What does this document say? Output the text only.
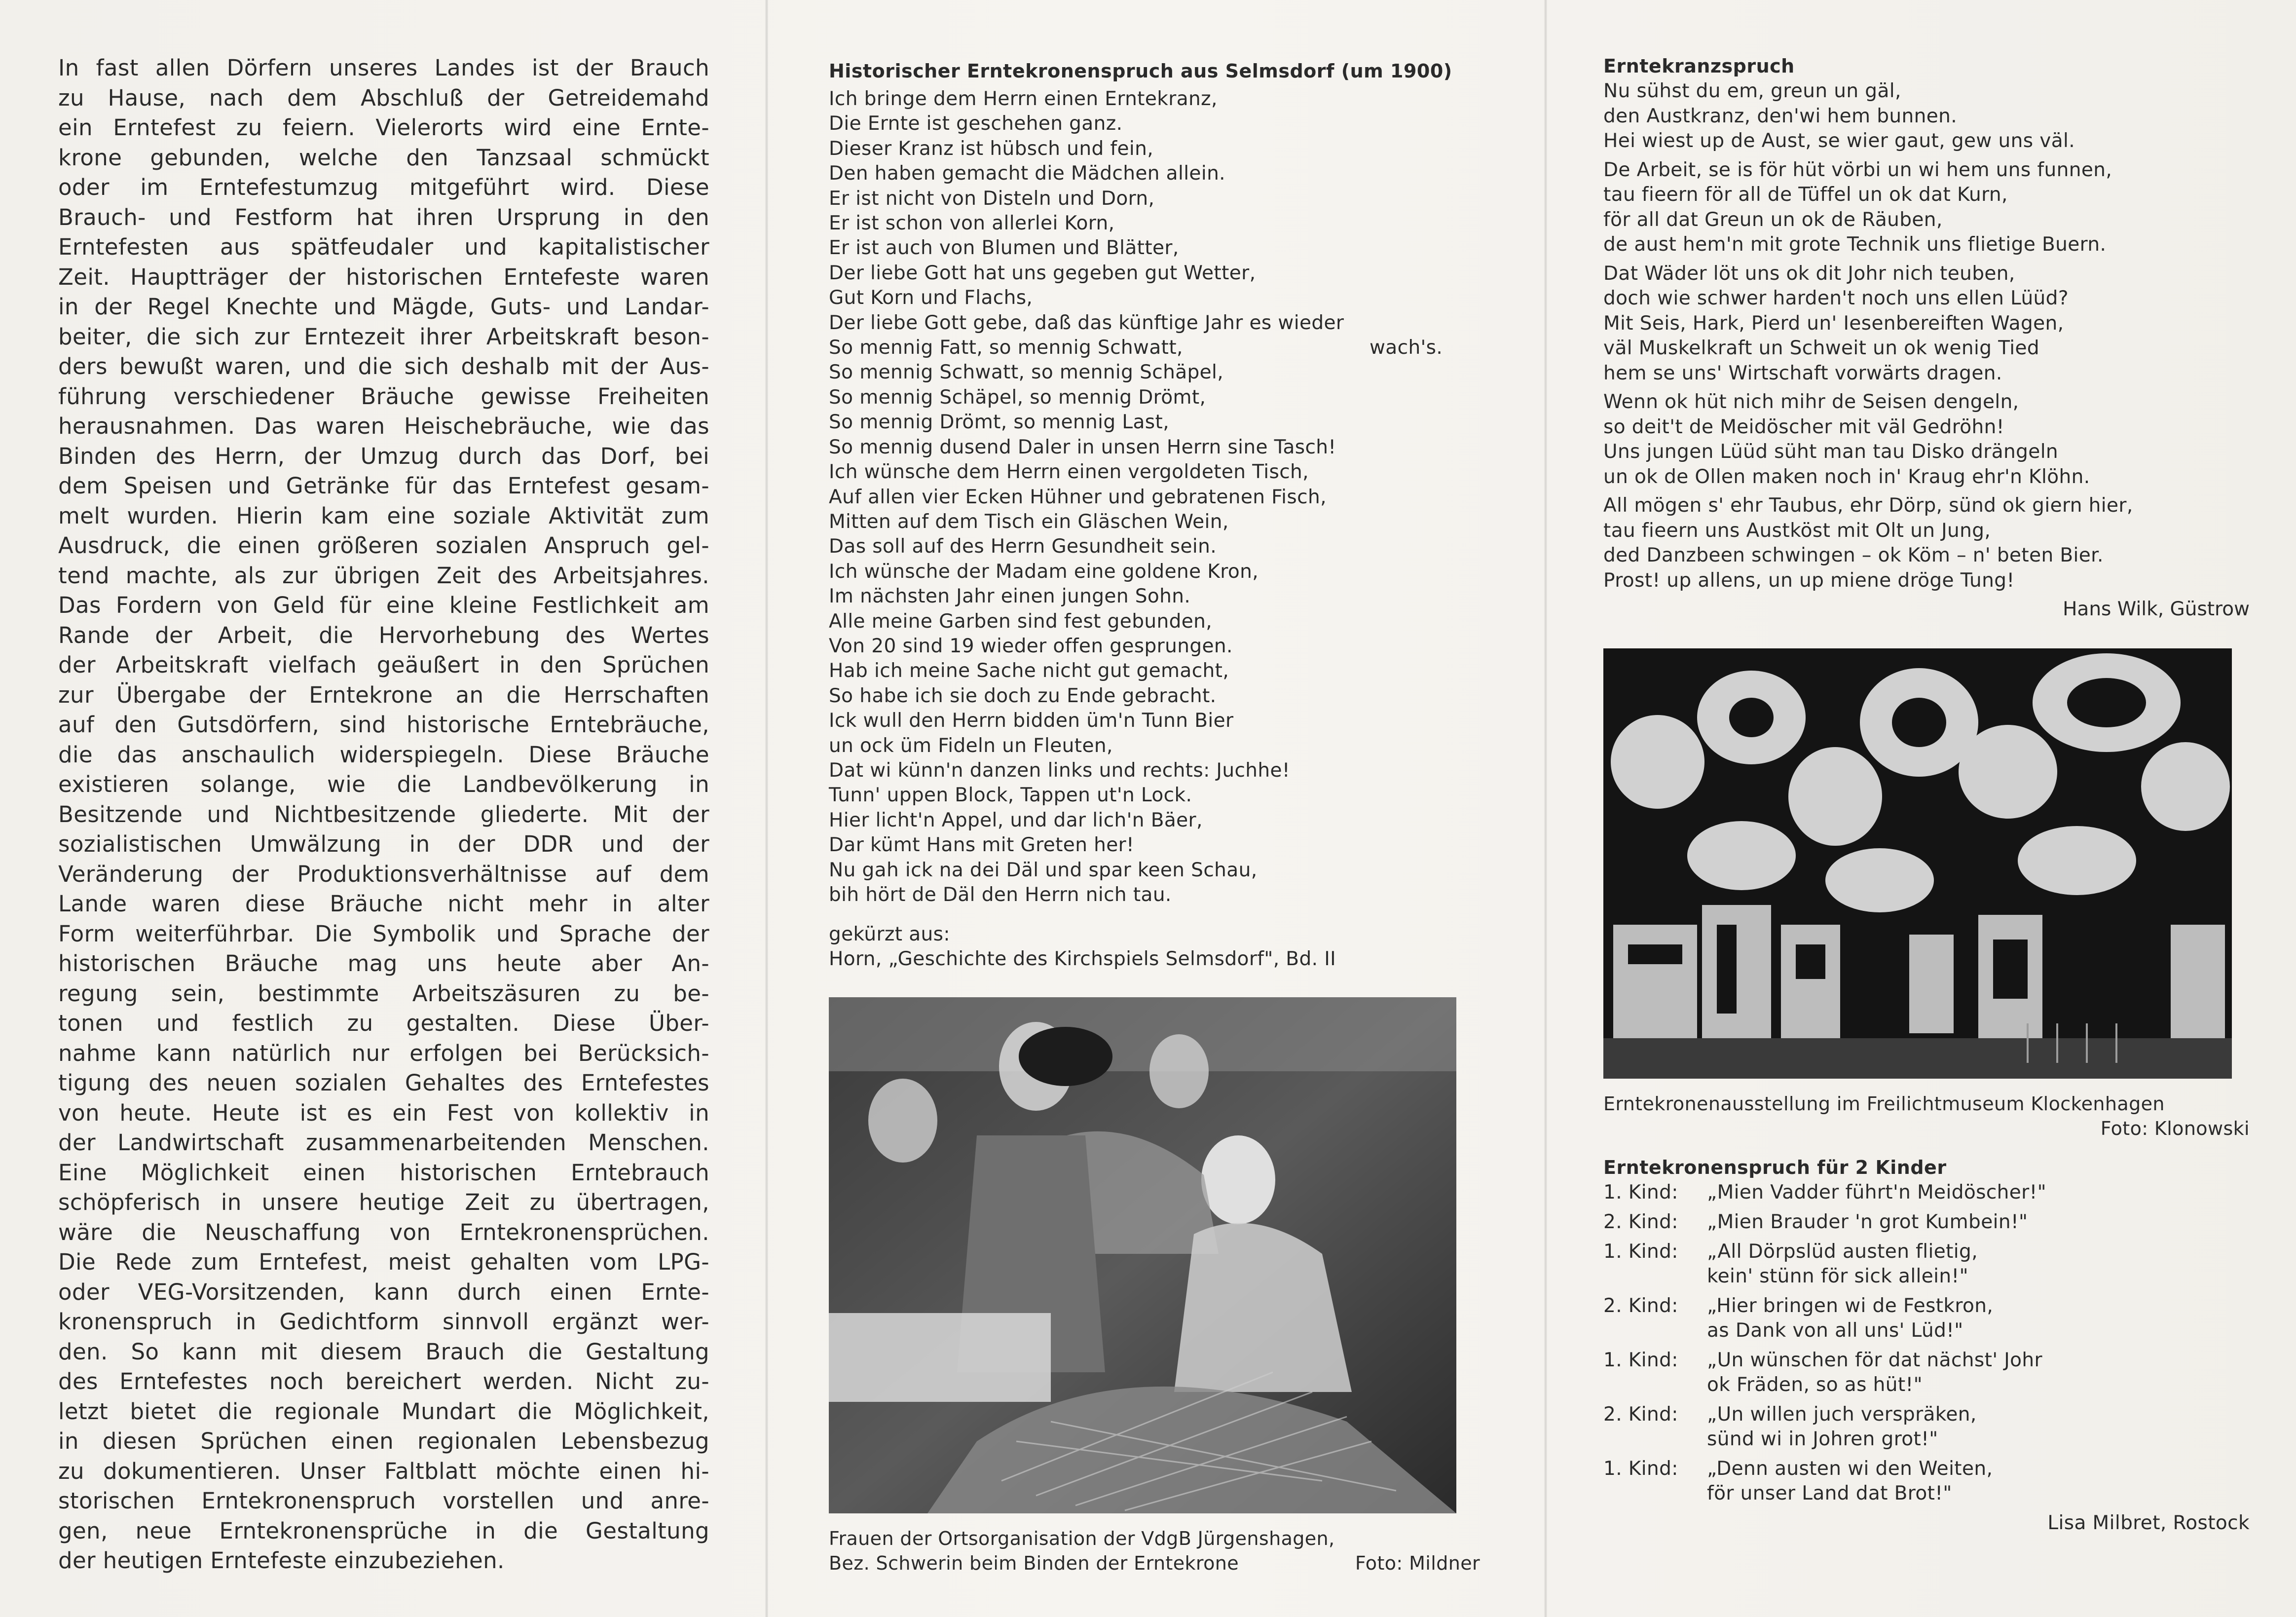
In fast allen Dörfern unseres Landes ist der Brauch
zu Hause, nach dem Abschluß der Getreidemahd
ein Erntefest zu feiern. Vielerorts wird eine Ernte-
krone gebunden, welche den Tanzsaal schmückt
oder im Erntefestumzug mitgeführt wird. Diese
Brauch- und Festform hat ihren Ursprung in den
Erntefesten aus spätfeudaler und kapitalistischer
Zeit. Hauptträger der historischen Erntefeste waren
in der Regel Knechte und Mägde, Guts- und Landar-
beiter, die sich zur Erntezeit ihrer Arbeitskraft beson-
ders bewußt waren, und die sich deshalb mit der Aus-
führung verschiedener Bräuche gewisse Freiheiten
herausnahmen. Das waren Heischebräuche, wie das
Binden des Herrn, der Umzug durch das Dorf, bei
dem Speisen und Getränke für das Erntefest gesam-
melt wurden. Hierin kam eine soziale Aktivität zum
Ausdruck, die einen größeren sozialen Anspruch gel-
tend machte, als zur übrigen Zeit des Arbeitsjahres.
Das Fordern von Geld für eine kleine Festlichkeit am
Rande der Arbeit, die Hervorhebung des Wertes
der Arbeitskraft vielfach geäußert in den Sprüchen
zur Übergabe der Erntekrone an die Herrschaften
auf den Gutsdörfern, sind historische Erntebräuche,
die das anschaulich widerspiegeln. Diese Bräuche
existieren solange, wie die Landbevölkerung in
Besitzende und Nichtbesitzende gliederte. Mit der
sozialistischen Umwälzung in der DDR und der
Veränderung der Produktionsverhältnisse auf dem
Lande waren diese Bräuche nicht mehr in alter
Form weiterführbar. Die Symbolik und Sprache der
historischen Bräuche mag uns heute aber An-
regung sein, bestimmte Arbeitszäsuren zu be-
tonen und festlich zu gestalten. Diese Über-
nahme kann natürlich nur erfolgen bei Berücksich-
tigung des neuen sozialen Gehaltes des Erntefestes
von heute. Heute ist es ein Fest von kollektiv in
der Landwirtschaft zusammenarbeitenden Menschen.
Eine Möglichkeit einen historischen Erntebrauch
schöpferisch in unsere heutige Zeit zu übertragen,
wäre die Neuschaffung von Erntekronensprüchen.
Die Rede zum Erntefest, meist gehalten vom LPG-
oder VEG-Vorsitzenden, kann durch einen Ernte-
kronenspruch in Gedichtform sinnvoll ergänzt wer-
den. So kann mit diesem Brauch die Gestaltung
des Erntefestes noch bereichert werden. Nicht zu-
letzt bietet die regionale Mundart die Möglichkeit,
in diesen Sprüchen einen regionalen Lebensbezug
zu dokumentieren. Unser Faltblatt möchte einen hi-
storischen Erntekronenspruch vorstellen und anre-
gen, neue Erntekronensprüche in die Gestaltung
der heutigen Erntefeste einzubeziehen.
Historischer Erntekronenspruch aus Selmsdorf (um 1900)
Ich bringe dem Herrn einen Erntekranz,
Die Ernte ist geschehen ganz.
Dieser Kranz ist hübsch und fein,
Den haben gemacht die Mädchen allein.
Er ist nicht von Disteln und Dorn,
Er ist schon von allerlei Korn,
Er ist auch von Blumen und Blätter,
Der liebe Gott hat uns gegeben gut Wetter,
Gut Korn und Flachs,
Der liebe Gott gebe, daß das künftige Jahr es wieder
So mennig Fatt, so mennig Schwatt,	wach's.
So mennig Schwatt, so mennig Schäpel,
So mennig Schäpel, so mennig Drömt,
So mennig Drömt, so mennig Last,
So mennig dusend Daler in unsen Herrn sine Tasch!
Ich wünsche dem Herrn einen vergoldeten Tisch,
Auf allen vier Ecken Hühner und gebratenen Fisch,
Mitten auf dem Tisch ein Gläschen Wein,
Das soll auf des Herrn Gesundheit sein.
Ich wünsche der Madam eine goldene Kron,
Im nächsten Jahr einen jungen Sohn.
Alle meine Garben sind fest gebunden,
Von 20 sind 19 wieder offen gesprungen.
Hab ich meine Sache nicht gut gemacht,
So habe ich sie doch zu Ende gebracht.
Ick wull den Herrn bidden üm'n Tunn Bier
un ock üm Fideln un Fleuten,
Dat wi künn'n danzen links und rechts: Juchhe!
Tunn' uppen Block, Tappen ut'n Lock.
Hier licht'n Appel, und dar lich'n Bäer,
Dar kümt Hans mit Greten her!
Nu gah ick na dei Däl und spar keen Schau,
bih hört de Däl den Herrn nich tau.
gekürzt aus:
Horn, „Geschichte des Kirchspiels Selmsdorf", Bd. II
Frauen der Ortsorganisation der VdgB Jürgenshagen,
Bez. Schwerin beim Binden der Erntekrone	Foto: Mildner
Erntekranzspruch
Nu sühst du em, greun un gäl,
den Austkranz, den'wi hem bunnen.
Hei wiest up de Aust, se wier gaut, gew uns väl.
De Arbeit, se is för hüt vörbi un wi hem uns funnen,
tau fieern för all de Tüffel un ok dat Kurn,
för all dat Greun un ok de Räuben,
de aust hem'n mit grote Technik uns flietige Buern.
Dat Wäder löt uns ok dit Johr nich teuben,
doch wie schwer harden't noch uns ellen Lüüd?
Mit Seis, Hark, Pierd un' Iesenbereiften Wagen,
väl Muskelkraft un Schweit un ok wenig Tied
hem se uns' Wirtschaft vorwärts dragen.
Wenn ok hüt nich mihr de Seisen dengeln,
so deit't de Meidöscher mit väl Gedröhn!
Uns jungen Lüüd süht man tau Disko drängeln
un ok de Ollen maken noch in' Kraug ehr'n Klöhn.
All mögen s' ehr Taubus, ehr Dörp, sünd ok giern hier,
tau fieern uns Austköst mit Olt un Jung,
ded Danzbeen schwingen – ok Köm – n' beten Bier.
Prost! up allens, un up miene dröge Tung!
Hans Wilk, Güstrow
Erntekronenausstellung im Freilichtmuseum Klockenhagen
Foto: Klonowski
Erntekronenspruch für 2 Kinder
1. Kind:	„Mien Vadder führt'n Meidöscher!"
2. Kind:	„Mien Brauder 'n grot Kumbein!"
1. Kind:	„All Dörpslüd austen flietig,
kein' stünn för sick allein!"
2. Kind:	„Hier bringen wi de Festkron,
as Dank von all uns' Lüd!"
1. Kind:	„Un wünschen för dat nächst' Johr
ok Fräden, so as hüt!"
2. Kind:	„Un willen juch verspräken,
sünd wi in Johren grot!"
1. Kind:	„Denn austen wi den Weiten,
för unser Land dat Brot!"
Lisa Milbret, Rostock
